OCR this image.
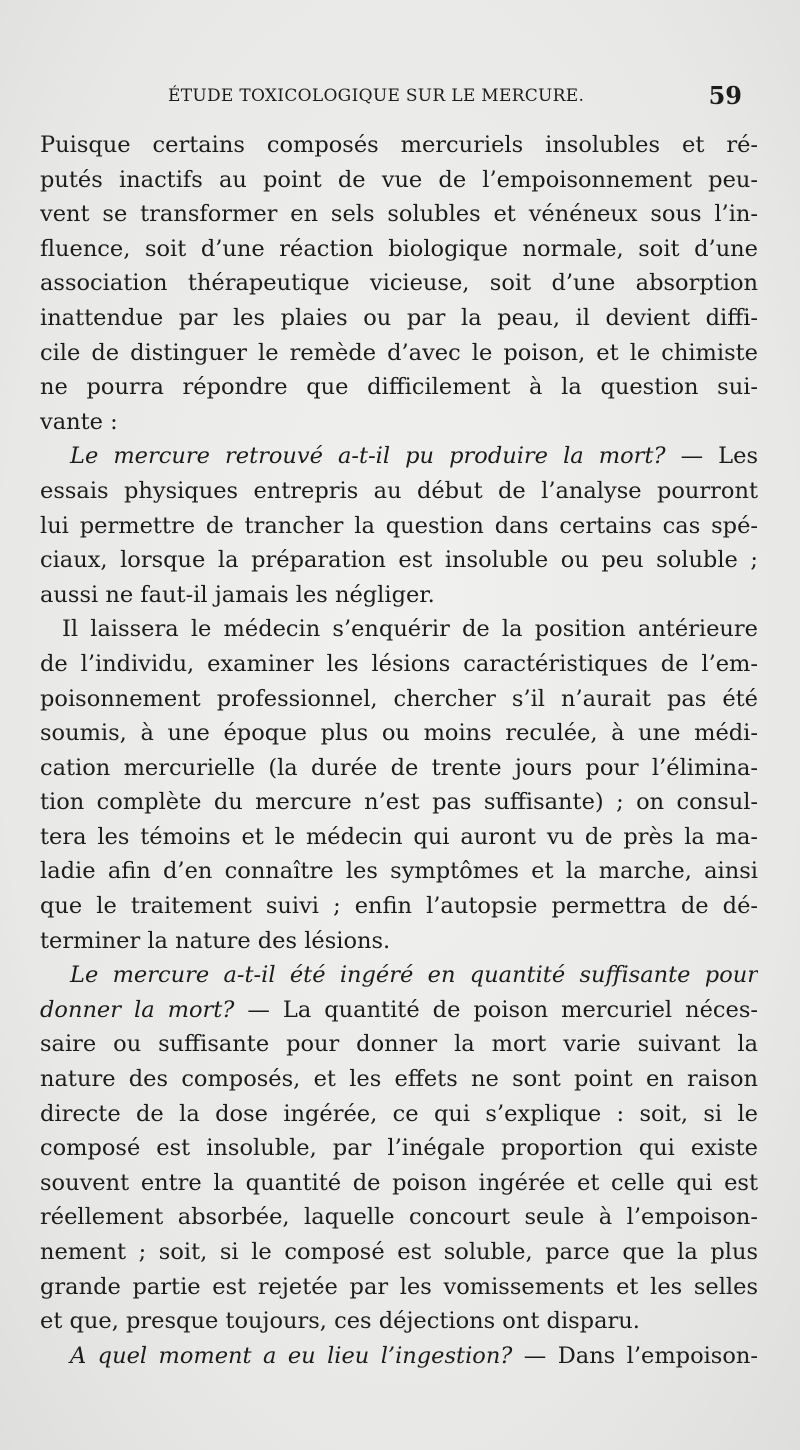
ÉTUDE TOXICOLOGIQUE SUR LE MERCURE.	59
Puisque certains composés mercuriels insolubles et ré-
putés inactifs au point de vue de l’empoisonnement peu-
vent se transformer en sels solubles et vénéneux sous l’in-
fluence, soit d’une réaction biologique normale, soit d’une
association thérapeutique vicieuse, soit d’une absorption
inattendue par les plaies ou par la peau, il devient diffi-
cile de distinguer le remède d’avec le poison, et le chimiste
ne pourra répondre que difficilement à la question sui-
vante :
Le mercure retrouvé a-t-il pu produire la mort? — Les
essais physiques entrepris au début de l’analyse pourront
lui permettre de trancher la question dans certains cas spé-
ciaux, lorsque la préparation est insoluble ou peu soluble ;
aussi ne faut-il jamais les négliger.
Il laissera le médecin s’enquérir de la position antérieure
de l’individu, examiner les lésions caractéristiques de l’em-
poisonnement professionnel, chercher s’il n’aurait pas été
soumis, à une époque plus ou moins reculée, à une médi-
cation mercurielle (la durée de trente jours pour l’élimina-
tion complète du mercure n’est pas suffisante) ; on consul-
tera les témoins et le médecin qui auront vu de près la ma-
ladie afin d’en connaître les symptômes et la marche, ainsi
que le traitement suivi ; enfin l’autopsie permettra de dé-
terminer la nature des lésions.
Le mercure a-t-il été ingéré en quantité suffisante pour
donner la mort? — La quantité de poison mercuriel néces-
saire ou suffisante pour donner la mort varie suivant la
nature des composés, et les effets ne sont point en raison
directe de la dose ingérée, ce qui s’explique : soit, si le
composé est insoluble, par l’inégale proportion qui existe
souvent entre la quantité de poison ingérée et celle qui est
réellement absorbée, laquelle concourt seule à l’empoison-
nement ; soit, si le composé est soluble, parce que la plus
grande partie est rejetée par les vomissements et les selles
et que, presque toujours, ces déjections ont disparu.
A quel moment a eu lieu l’ingestion? — Dans l’empoison-
